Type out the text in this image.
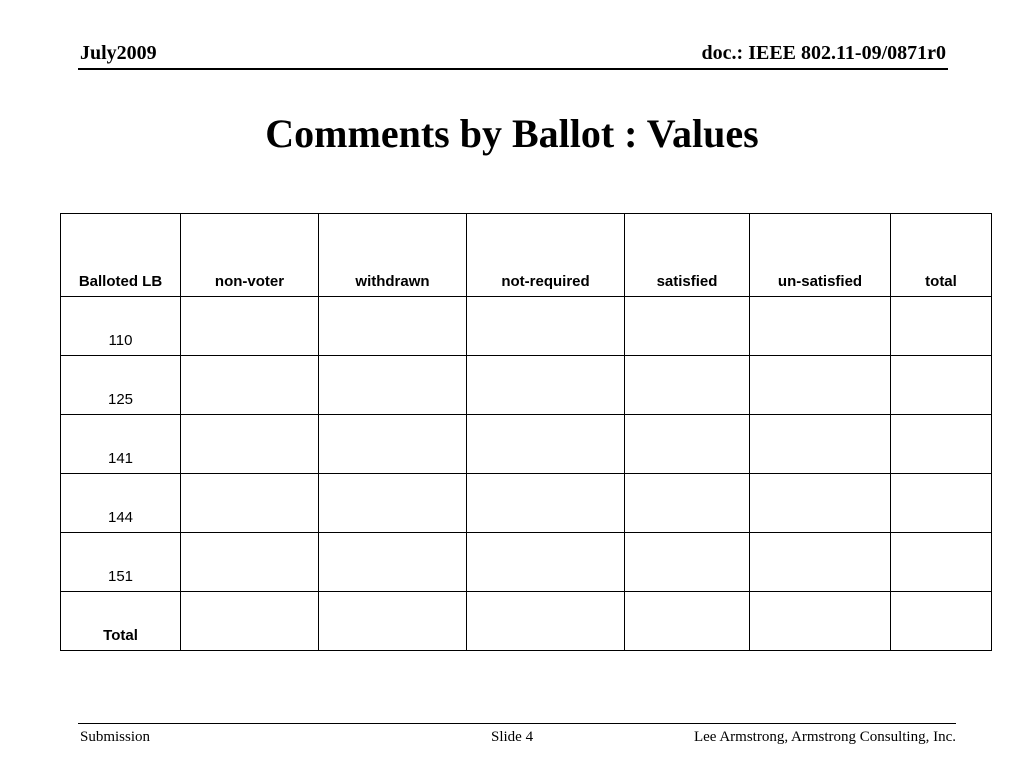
July2009	doc.: IEEE 802.11-09/0871r0
Comments by Ballot : Values
Balloted LB	non-voter	withdrawn	not-required	satisfied	un-satisfied	total
110						
125						
141						
144						
151						
Total						
Submission	Slide 4	Lee Armstrong, Armstrong Consulting, Inc.
